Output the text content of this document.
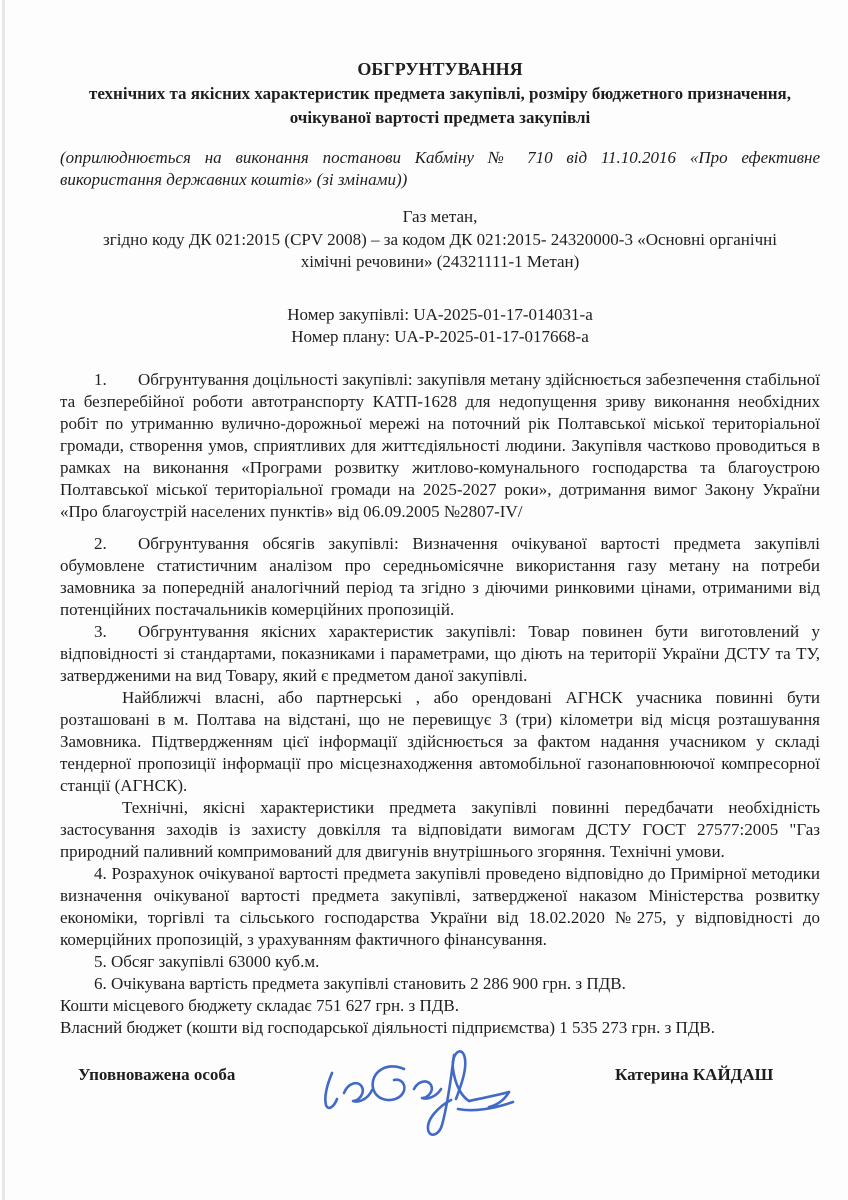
ОБГРУНТУВАННЯ
технічних та якісних характеристик предмета закупівлі, розміру бюджетного призначення,
очікуваної вартості предмета закупівлі
(оприлюднюється на виконання постанови Кабміну № 710 від 11.10.2016 «Про ефективне використання державних коштів» (зі змінами))
Газ метан,
згідно коду ДК 021:2015 (CPV 2008) – за кодом ДК 021:2015- 24320000-3 «Основні органічні
хімічні речовини» (24321111-1 Метан)
Номер закупівлі: UA-2025-01-17-014031-a
Номер плану: UA-P-2025-01-17-017668-a

1. Обгрунтування доцільності закупівлі: закупівля метану здійснюється забезпечення стабільної та безперебійної роботи автотранспорту КАТП-1628 для недопущення зриву виконання необхідних робіт по утриманню вулично-дорожньої мережі на поточний рік Полтавської міської територіальної громади, створення умов, сприятливих для життєдіяльності людини. Закупівля частково проводиться в рамках на виконання «Програми розвитку житлово-комунального господарства та благоустрою Полтавської міської територіальної громади на 2025-2027 роки», дотримання вимог Закону України «Про благоустрій населених пунктів» від 06.09.2005 №2807-IV/

2. Обгрунтування обсягів закупівлі: Визначення очікуваної вартості предмета закупівлі обумовлене статистичним аналізом про середньомісячне використання газу метану на потреби замовника за попередній аналогічний період та згідно з діючими ринковими цінами, отриманими від потенційних постачальників комерційних пропозицій.

3. Обгрунтування якісних характеристик закупівлі: Товар повинен бути виготовлений у відповідності зі стандартами, показниками і параметрами, що діють на території України ДСТУ та ТУ, затвердженими на вид Товару, який є предметом даної закупівлі.

Найближчі власні, або партнерські , або орендовані АГНСК учасника повинні бути розташовані в м. Полтава на відстані, що не перевищує 3 (три) кілометри від місця розташування Замовника. Підтвердженням цієї інформації здійснюється за фактом надання учасником у складі тендерної пропозиції інформації про місцезнаходження автомобільної газонаповнюючої компресорної станції (АГНСК).

Технічні, якісні характеристики предмета закупівлі повинні передбачати необхідність застосування заходів із захисту довкілля та відповідати вимогам ДСТУ ГОСТ 27577:2005 "Газ природний паливний компримований для двигунів внутрішнього згоряння. Технічні умови.

4. Розрахунок очікуваної вартості предмета закупівлі проведено відповідно до Примірної методики визначення очікуваної вартості предмета закупівлі, затвердженої наказом Міністерства розвитку економіки, торгівлі та сільського господарства України від 18.02.2020 №275, у відповідності до комерційних пропозицій, з урахуванням фактичного фінансування.

5. Обсяг закупівлі 63000 куб.м.

6. Очікувана вартість предмета закупівлі становить 2 286 900 грн. з ПДВ.

Кошти місцевого бюджету складає 751 627 грн. з ПДВ.

Власний бюджет (кошти від господарської діяльності підприємства) 1 535 273 грн. з ПДВ.

Уповноважена особа	Катерина КАЙДАШ
